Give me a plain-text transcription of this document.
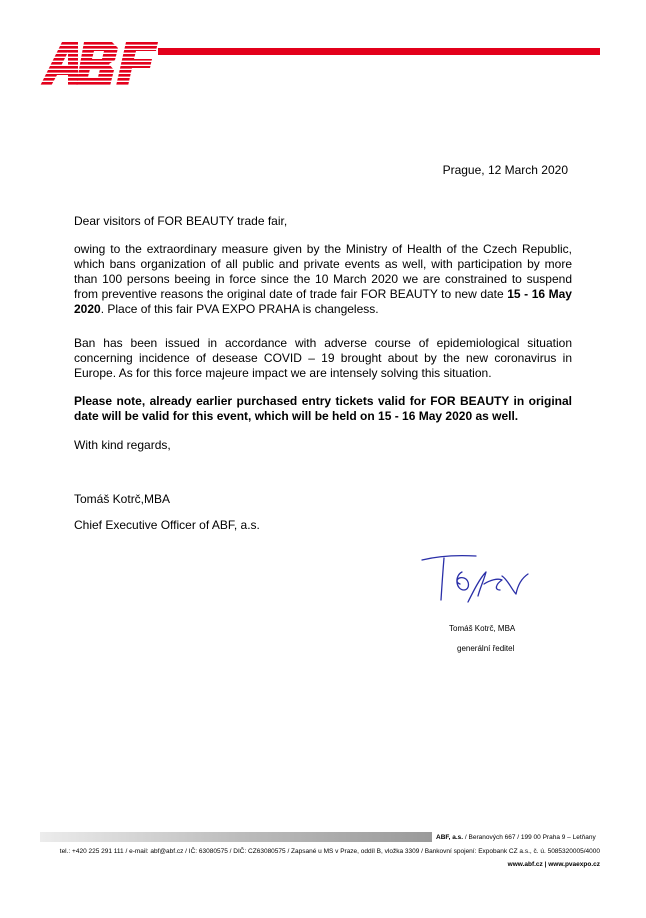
Prague, 12 March 2020

Dear visitors of FOR BEAUTY trade fair,

owing to the extraordinary measure given by the Ministry of Health of the Czech Republic, which bans organization of all public and private events as well, with participation by more than 100 persons beeing in force since the 10 March 2020 we are constrained to suspend from preventive reasons the original date of trade fair FOR BEAUTY to new date 15 - 16 May 2020. Place of this fair PVA EXPO PRAHA is changeless.

Ban has been issued in accordance with adverse course of epidemiological situation concerning incidence of desease COVID – 19 brought about by the new coronavirus in Europe. As for this force majeure impact we are intensely solving this situation.

Please note, already earlier purchased entry tickets valid for FOR BEAUTY in original date will be valid for this event, which will be held on 15 - 16 May 2020 as well.

With kind regards,

Tomáš Kotrč,MBA

Chief Executive Officer of ABF, a.s.

Tomáš Kotrč, MBA

generální ředitel

ABF, a.s. / Beranových 667 / 199 00 Praha 9 – Letňany
tel.: +420 225 291 111 / e-mail: abf@abf.cz / IČ: 63080575 / DIČ: CZ63080575 / Zapsané u MS v Praze, oddíl B, vložka 3309 / Bankovní spojení: Expobank CZ a.s., č. ú. 5085320005/4000
www.abf.cz | www.pvaexpo.cz
